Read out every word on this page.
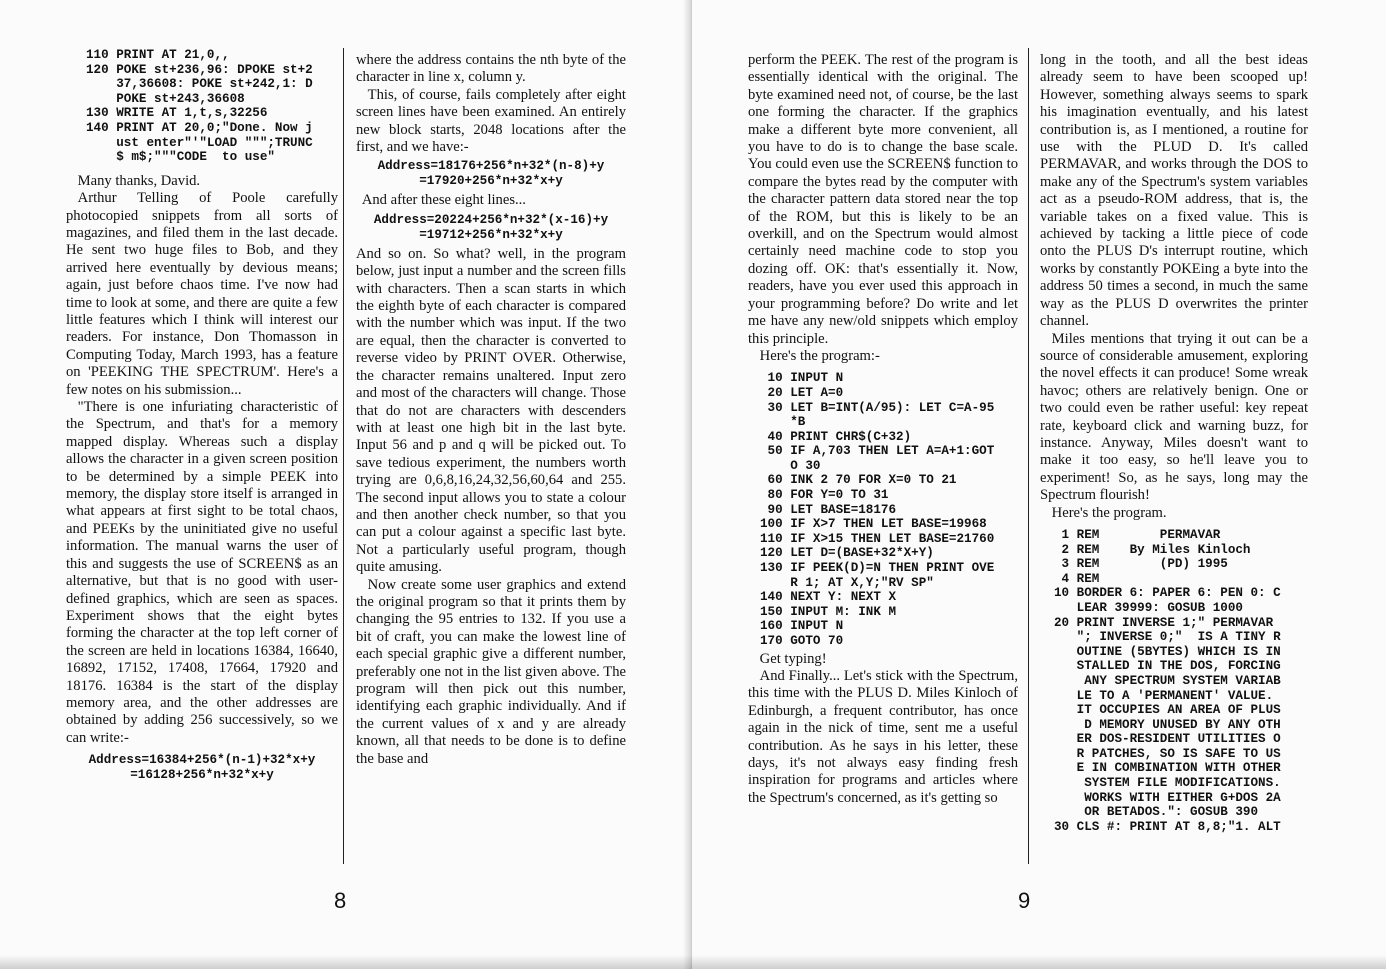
110 PRINT AT 21,0,,
120 POKE st+236,96: DPOKE st+2
37,36608: POKE st+242,1: D
POKE st+243,36608
130 WRITE AT 1,t,s,32256
140 PRINT AT 20,0;"Done. Now j
ust enter"'"LOAD """;TRUNC
$ m$;"""CODE  to use"

Many thanks, David.

Arthur Telling of Poole carefully photocopied snippets from all sorts of magazines, and filed them in the last decade. He sent two huge files to Bob, and they arrived here eventually by devious means; again, just before chaos time. I've now had time to look at some, and there are quite a few little features which I think will interest our readers. For instance, Don Thomasson in Computing Today, March 1993, has a feature on 'PEEKING THE SPECTRUM'. Here's a few notes on his submission...

"There is one infuriating characteristic of the Spectrum, and that's for a memory mapped display. Whereas such a display allows the character in a given screen position to be determined by a simple PEEK into memory, the display store itself is arranged in what appears at first sight to be total chaos, and PEEKs by the uninitiated give no useful information. The manual warns the user of this and suggests the use of SCREEN$ as an alternative, but that is no good with user-defined graphics, which are seen as spaces. Experiment shows that the eight bytes forming the character at the top left corner of the screen are held in locations 16384, 16640, 16892, 17152, 17408, 17664, 17920 and 18176. 16384 is the start of the display memory area, and the other addresses are obtained by adding 256 successively, so we can write:-

Address=16384+256*(n-1)+32*x+y
=16128+256*n+32*x+y

where the address contains the nth byte of the character in line x, column y.

This, of course, fails completely after eight screen lines have been examined. An entirely new block starts, 2048 locations after the first, and we have:-

Address=18176+256*n+32*(n-8)+y
=17920+256*n+32*x+y

And after these eight lines...

Address=20224+256*n+32*(x-16)+y
=19712+256*n+32*x+y

And so on. So what? well, in the program below, just input a number and the screen fills with characters. Then a scan starts in which the eighth byte of each character is compared with the number which was input. If the two are equal, then the character is converted to reverse video by PRINT OVER. Otherwise, the character remains unaltered. Input zero and most of the characters will change. Those that do not are characters with descenders with at least one high bit in the last byte. Input 56 and p and q will be picked out. To save tedious experiment, the numbers worth trying are 0,6,8,16,24,32,56,60,64 and 255. The second input allows you to state a colour and then another check number, so that you can put a colour against a specific last byte. Not a particularly useful program, though quite amusing.

Now create some user graphics and extend the original program so that it prints them by changing the 95 entries to 132. If you use a bit of craft, you can make the lowest line of each special graphic give a different number, preferably one not in the list given above. The program will then pick out this number, identifying each graphic individually. And if the current values of x and y are already known, all that needs to be done is to define the base and

8

perform the PEEK. The rest of the program is essentially identical with the original. The byte examined need not, of course, be the last one forming the character. If the graphics make a different byte more convenient, all you have to do is to change the base scale. You could even use the SCREEN$ function to compare the bytes read by the computer with the character pattern data stored near the top of the ROM, but this is likely to be an overkill, and on the Spectrum would almost certainly need machine code to stop you dozing off. OK: that's essentially it. Now, readers, have you ever used this approach in your programming before? Do write and let me have any new/old snippets which employ this principle.

Here's the program:-

10 INPUT N
20 LET A=0
30 LET B=INT(A/95): LET C=A-95
*B
40 PRINT CHR$(C+32)
50 IF A,703 THEN LET A=A+1:GOT
O 30
60 INK 2 70 FOR X=0 TO 21
80 FOR Y=0 TO 31
90 LET BASE=18176
100 IF X>7 THEN LET BASE=19968
110 IF X>15 THEN LET BASE=21760
120 LET D=(BASE+32*X+Y)
130 IF PEEK(D)=N THEN PRINT OVE
R 1; AT X,Y;"RV SP"
140 NEXT Y: NEXT X
150 INPUT M: INK M
160 INPUT N
170 GOTO 70

Get typing!

And Finally... Let's stick with the Spectrum, this time with the PLUS D. Miles Kinloch of Edinburgh, a frequent contributor, has once again in the nick of time, sent me a useful contribution. As he says in his letter, these days, it's not always easy finding fresh inspiration for programs and articles where the Spectrum's concerned, as it's getting so

long in the tooth, and all the best ideas already seem to have been scooped up! However, something always seems to spark his imagination eventually, and his latest contribution is, as I mentioned, a routine for use with the PLUD D. It's called PERMAVAR, and works through the DOS to make any of the Spectrum's system variables act as a pseudo-ROM address, that is, the variable takes on a fixed value. This is achieved by tacking a little piece of code onto the PLUS D's interrupt routine, which works by constantly POKEing a byte into the address 50 times a second, in much the same way as the PLUS D overwrites the printer channel.

Miles mentions that trying it out can be a source of considerable amusement, exploring the novel effects it can produce! Some wreak havoc; others are relatively benign. One or two could even be rather useful: key repeat rate, keyboard click and warning buzz, for instance. Anyway, Miles doesn't want to make it too easy, so he'll leave you to experiment! So, as he says, long may the Spectrum flourish!

Here's the program.

1 REM        PERMAVAR
2 REM    By Miles Kinloch
3 REM        (PD) 1995
4 REM
10 BORDER 6: PAPER 6: PEN 0: C
LEAR 39999: GOSUB 1000
20 PRINT INVERSE 1;" PERMAVAR
"; INVERSE 0;"  IS A TINY R
OUTINE (5BYTES) WHICH IS IN
STALLED IN THE DOS, FORCING
ANY SPECTRUM SYSTEM VARIAB
LE TO A 'PERMANENT' VALUE.
IT OCCUPIES AN AREA OF PLUS
D MEMORY UNUSED BY ANY OTH
ER DOS-RESIDENT UTILITIES O
R PATCHES, SO IS SAFE TO US
E IN COMBINATION WITH OTHER
SYSTEM FILE MODIFICATIONS.
WORKS WITH EITHER G+DOS 2A
OR BETADOS.": GOSUB 390
30 CLS #: PRINT AT 8,8;"1. ALT
9
